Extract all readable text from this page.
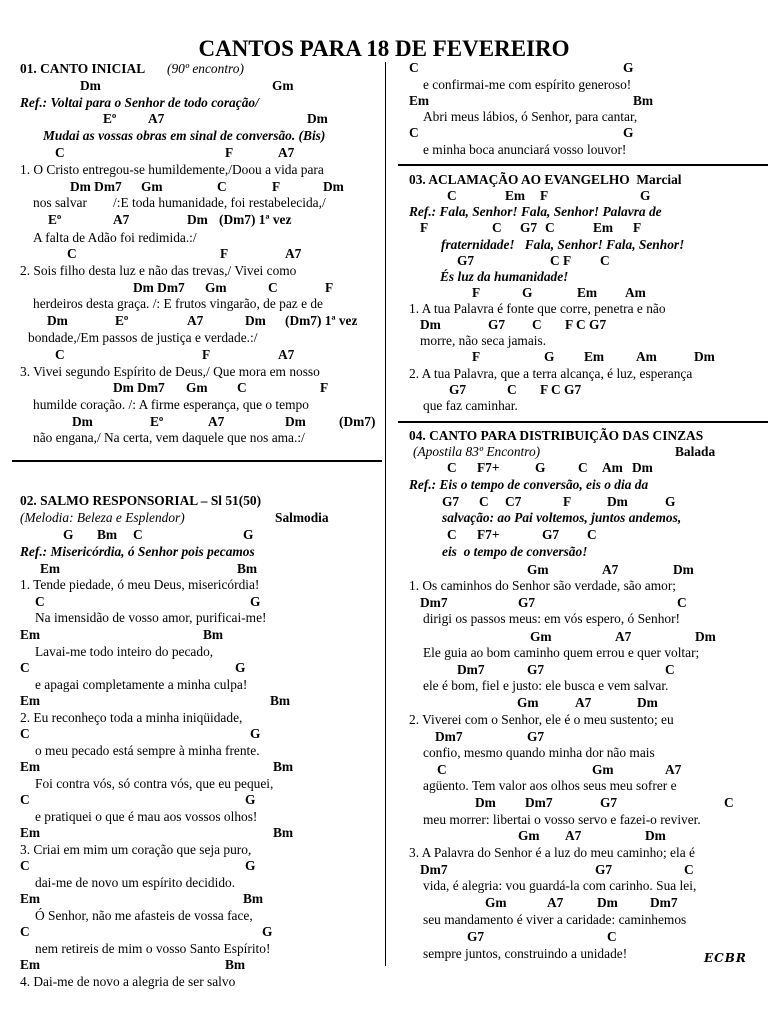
CANTOS PARA 18 DE FEVEREIRO
01. CANTO INICIAL (90º encontro)
Dm	Gm
Ref.: Voltai para o Senhor de todo coração/
Eº A7	Dm
Mudai as vossas obras em sinal de conversão. (Bis)
C	F	A7
1. O Cristo entregou-se humildemente,/Doou a vida para
Dm Dm7 Gm	C	F	Dm
nos salvar /:E toda humanidade, foi restabelecida,/
Eº	A7	Dm (Dm7) 1ª vez
A falta de Adão foi redimida.:/
C	F	A7
2. Sois filho desta luz e não das trevas,/ Vivei como
Dm Dm7 Gm	C	F
herdeiros desta graça. /: E frutos vingarão, de paz e de
Dm	Eº	A7	Dm (Dm7) 1ª vez
bondade,/Em passos de justiça e verdade.:/
C	F	A7
3. Vivei segundo Espírito de Deus,/ Que mora em nosso
Dm Dm7 Gm C	F
humilde coração. /: A firme esperança, que o tempo
Dm	Eº	A7	Dm (Dm7)
não engana,/ Na certa, vem daquele que nos ama.:/
02. SALMO RESPONSORIAL – Sl 51(50)
(Melodia: Beleza e Esplendor)	Salmodia
G Bm C	G
Ref.: Misericórdia, ó Senhor pois pecamos
Em	Bm
1. Tende piedade, ó meu Deus, misericórdia!
C	G
Na imensidão de vosso amor, purificai-me!
Em	Bm
Lavai-me todo inteiro do pecado,
C	G
e apagai completamente a minha culpa!
Em	Bm
2. Eu reconheço toda a minha iniqüidade,
C	G
o meu pecado está sempre à minha frente.
Em	Bm
Foi contra vós, só contra vós, que eu pequei,
C	G
e pratiquei o que é mau aos vossos olhos!
Em	Bm
3. Criai em mim um coração que seja puro,
C	G
dai-me de novo um espírito decidido.
Em	Bm
Ó Senhor, não me afasteis de vossa face,
C	G
nem retireis de mim o vosso Santo Espírito!
Em	Bm
4. Dai-me de novo a alegria de ser salvo
C	G
e confirmai-me com espírito generoso!
Em	Bm
Abri meus lábios, ó Senhor, para cantar,
C	G
e minha boca anunciará vosso louvor!
03. ACLAMAÇÃO AO EVANGELHO  Marcial
C	Em F	G
Ref.: Fala, Senhor! Fala, Senhor! Palavra de
F	C G7 C	Em F
fraternidade!   Fala, Senhor! Fala, Senhor!
G7	C F C
És luz da humanidade!
F	G	Em Am
1. A tua Palavra é fonte que corre, penetra e não
Dm	G7 C F C G7
morre, não seca jamais.
F	G Em Am	Dm
2. A tua Palavra, que a terra alcança, é luz, esperança
G7	C F C G7
que faz caminhar.
04. CANTO PARA DISTRIBUIÇÃO DAS CINZAS
(Apostila 83º Encontro)	Balada
C F7+	G C Am Dm
Ref.: Eis o tempo de conversão, eis o dia da
G7 C C7	F	Dm	G
salvação: ao Pai voltemos, juntos andemos,
C F7+	G7 C
eis  o tempo de conversão!
Gm	A7	Dm
1. Os caminhos do Senhor são verdade, são amor;
Dm7	G7	C
dirigi os passos meus: em vós espero, ó Senhor!
Gm	A7	Dm
Ele guia ao bom caminho quem errou e quer voltar;
Dm7	G7	C
ele é bom, fiel e justo: ele busca e vem salvar.
Gm	A7	Dm
2. Viverei com o Senhor, ele é o meu sustento; eu
Dm7	G7
confio, mesmo quando minha dor não mais
C	Gm	A7
agüento. Tem valor aos olhos seus meu sofrer e
Dm Dm7	G7	C
meu morrer: libertai o vosso servo e fazei-o reviver.
Gm A7	Dm
3. A Palavra do Senhor é a luz do meu caminho; ela é
Dm7	G7	C
vida, é alegria: vou guardá-la com carinho. Sua lei,
Gm	A7	Dm Dm7
seu mandamento é viver a caridade: caminhemos
G7	C
sempre juntos, construindo a unidade!	ECBR
